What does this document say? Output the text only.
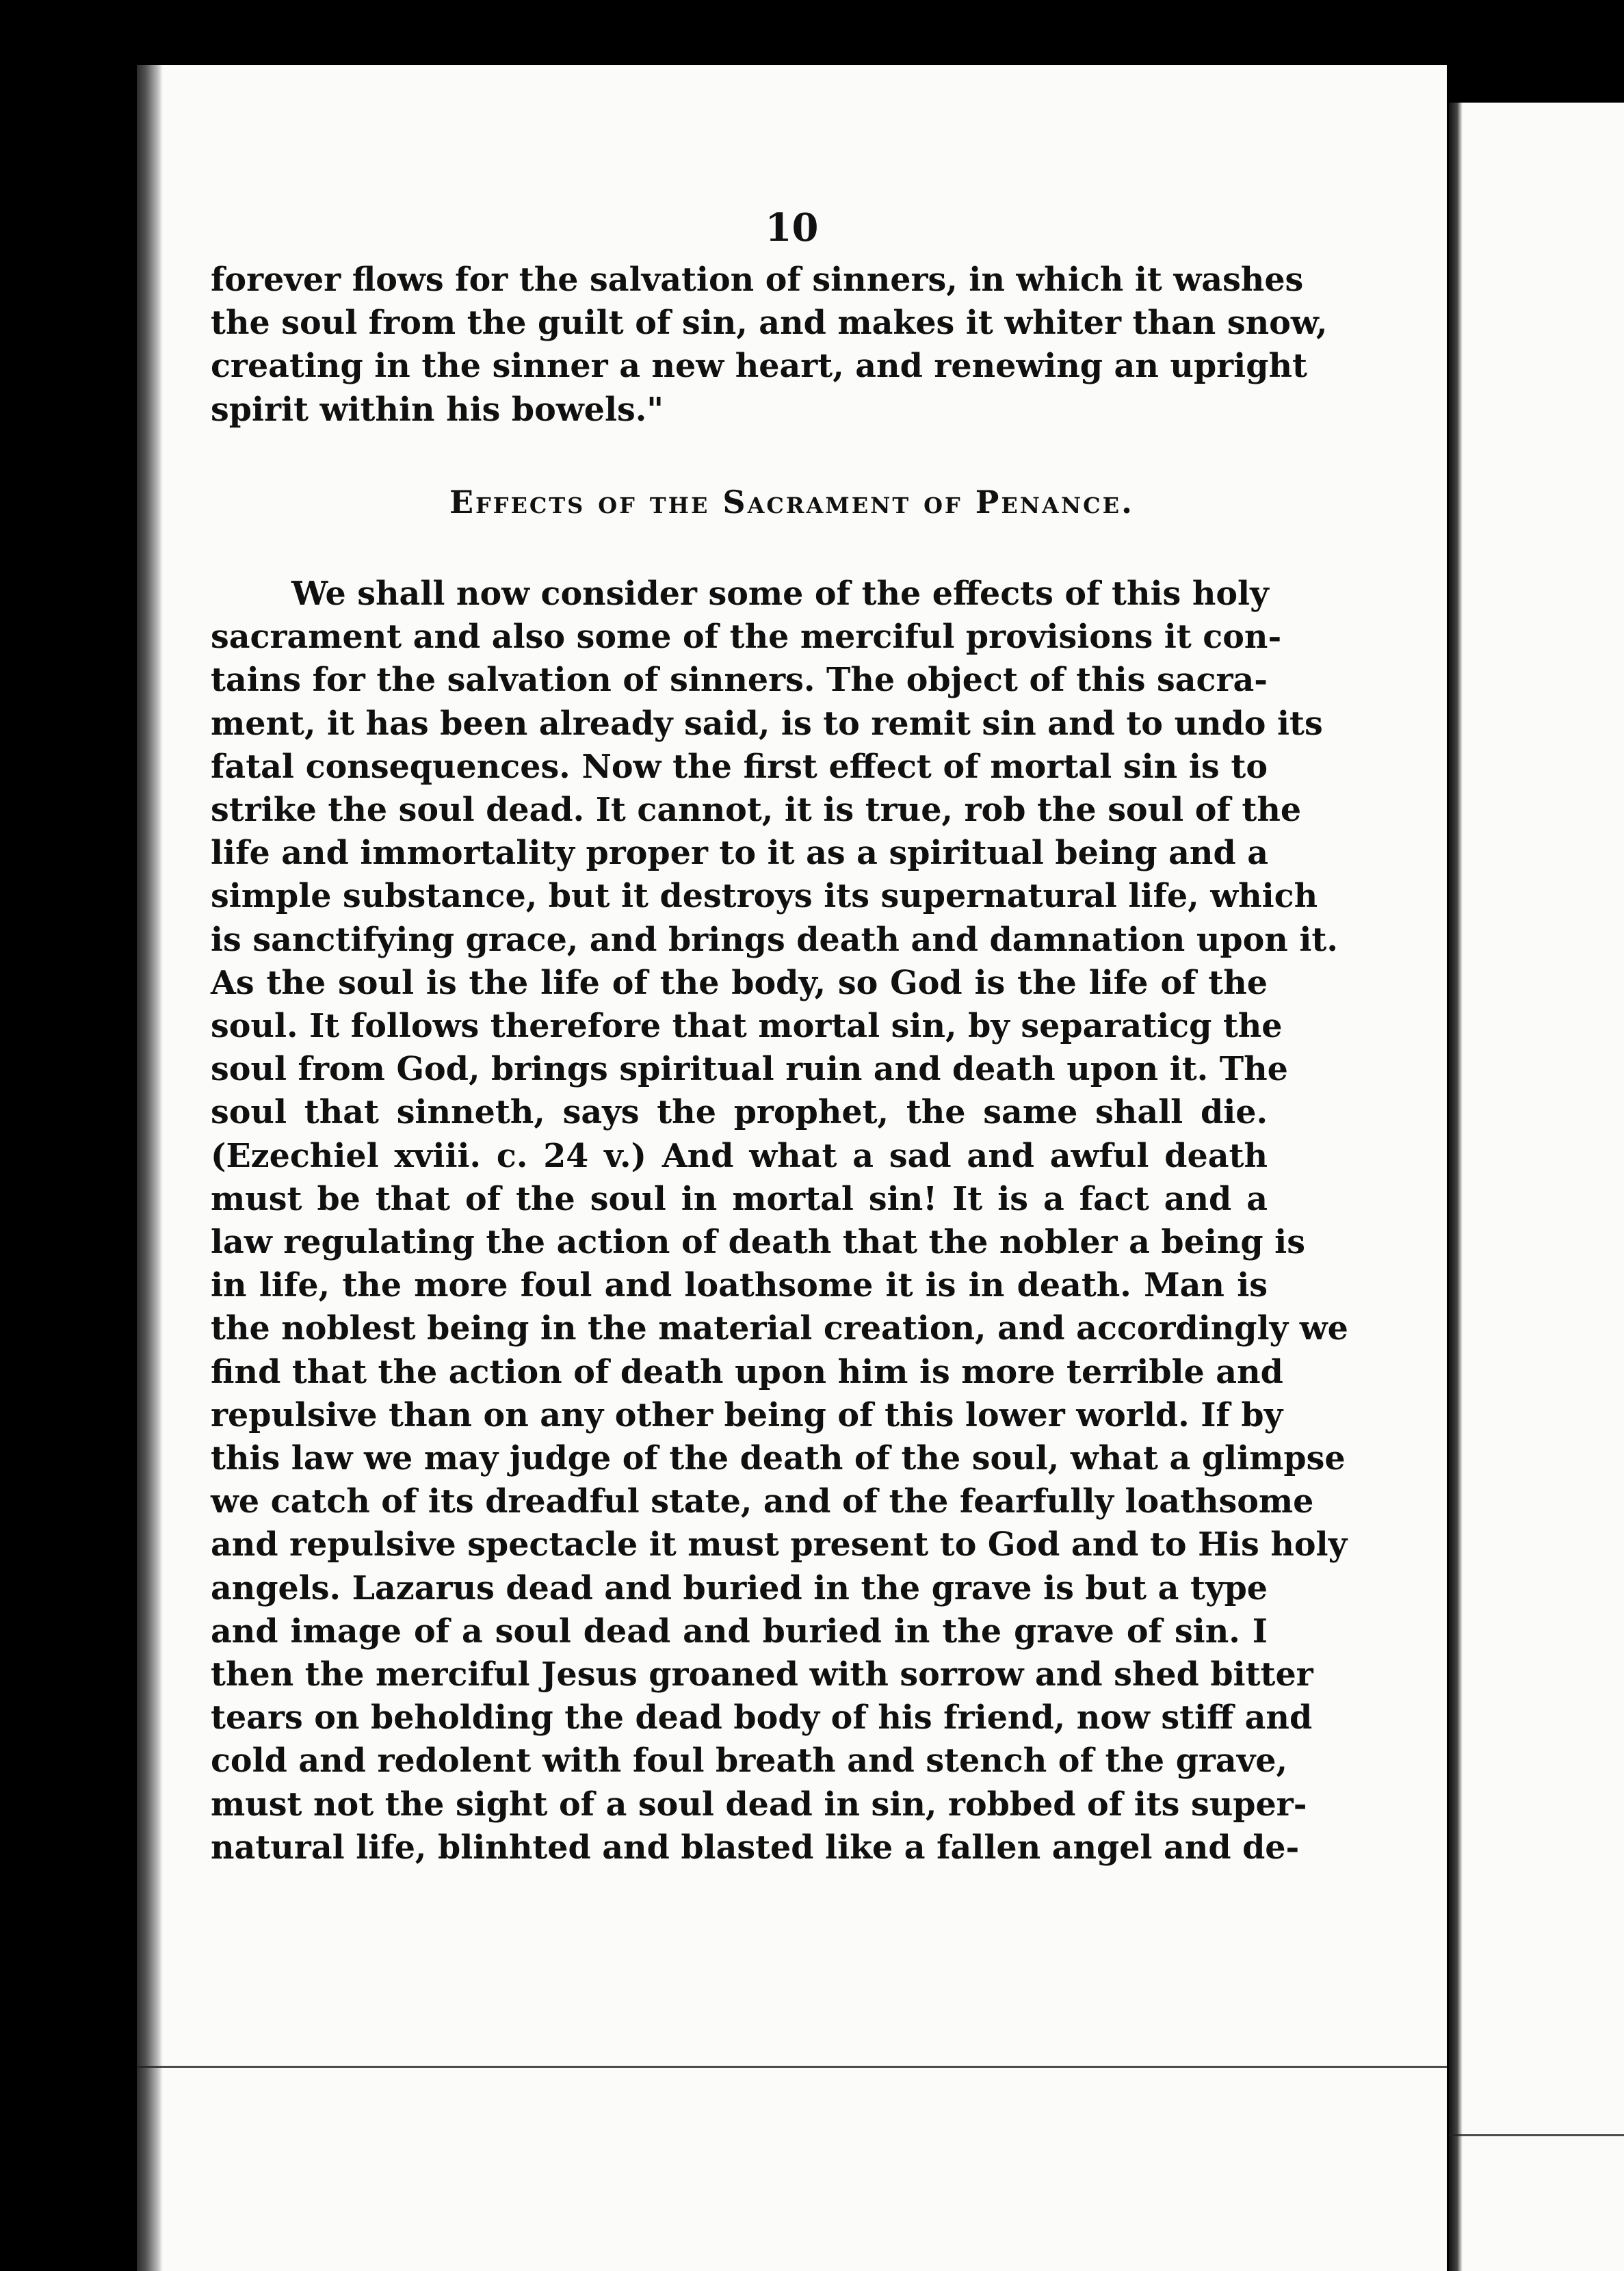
10
forever flows for the salvation of sinners, in which it washes
the soul from the guilt of sin, and makes it whiter than snow,
creating in the sinner a new heart, and renewing an upright
spirit within his bowels."
Effects of the Sacrament of Penance.
We shall now consider some of the effects of this holy
sacrament and also some of the merciful provisions it con-
tains for the salvation of sinners. The object of this sacra-
ment, it has been already said, is to remit sin and to undo its
fatal consequences. Now the first effect of mortal sin is to
strike the soul dead. It cannot, it is true, rob the soul of the
life and immortality proper to it as a spiritual being and a
simple substance, but it destroys its supernatural life, which
is sanctifying grace, and brings death and damnation upon it.
As the soul is the life of the body, so God is the life of the
soul. It follows therefore that mortal sin, by separaticg the
soul from God, brings spiritual ruin and death upon it. The
soul that sinneth, says the prophet, the same shall die.
(Ezechiel xviii. c. 24 v.) And what a sad and awful death
must be that of the soul in mortal sin! It is a fact and a
law regulating the action of death that the nobler a being is
in life, the more foul and loathsome it is in death. Man is
the noblest being in the material creation, and accordingly we
find that the action of death upon him is more terrible and
repulsive than on any other being of this lower world. If by
this law we may judge of the death of the soul, what a glimpse
we catch of its dreadful state, and of the fearfully loathsome
and repulsive spectacle it must present to God and to His holy
angels. Lazarus dead and buried in the grave is but a type
and image of a soul dead and buried in the grave of sin. I
then the merciful Jesus groaned with sorrow and shed bitter
tears on beholding the dead body of his friend, now stiff and
cold and redolent with foul breath and stench of the grave,
must not the sight of a soul dead in sin, robbed of its super-
natural life, blinhted and blasted like a fallen angel and de-
